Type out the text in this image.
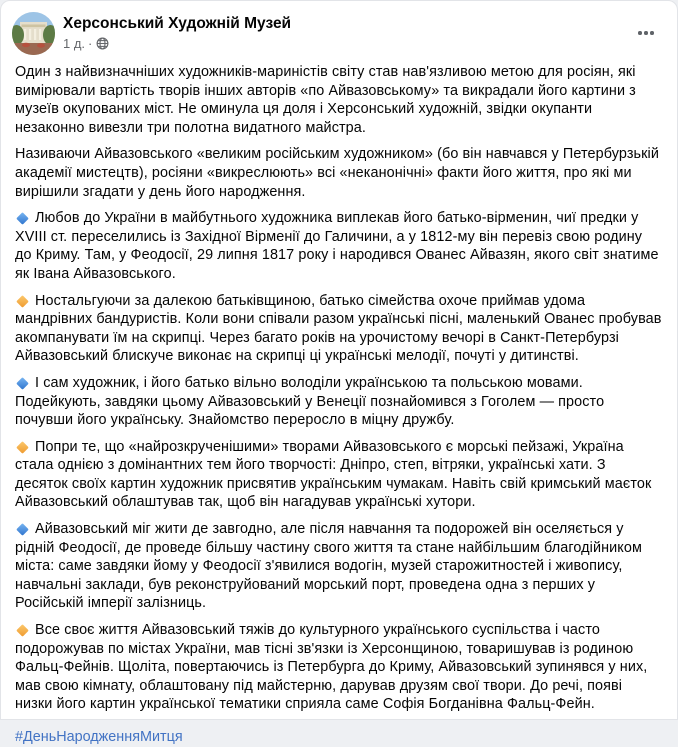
Херсонський Художній Музей
1 д. ·
Один з найвизначніших художників-мариністів світу став нав'язливою метою для росіян, які вимірювали вартість творів інших авторів «по Айвазовському» та викрадали його картини з музеїв окупованих міст. Не оминула ця доля і Херсонський художній, звідки окупанти незаконно вивезли три полотна видатного майстра.
Називаючи Айвазовського «великим російським художником» (бо він навчався у Петербурзькій академії мистецтв), росіяни «викреслюють» всі «неканонічні» факти його життя, про які ми вирішили згадати у день його народження.
Любов до України в майбутнього художника виплекав його батько-вірменин, чиї предки у XVIII ст. переселились із Західної Вірменії до Галичини, а у 1812-му він перевіз свою родину до Криму. Там, у Феодосії, 29 липня 1817 року і народився Ованес Айвазян, якого світ знатиме як Івана Айвазовського.
Ностальгуючи за далекою батьківщиною, батько сімейства охоче приймав удома мандрівних бандуристів. Коли вони співали разом українські пісні, маленький Ованес пробував акомпанувати їм на скрипці. Через багато років на урочистому вечорі в Санкт-Петербурзі Айвазовський блискуче виконає на скрипці ці українські мелодії, почуті у дитинстві.
І сам художник, і його батько вільно володіли українською та польською мовами. Подейкують, завдяки цьому Айвазовський у Венеції познайомився з Гоголем — просто почувши його українську. Знайомство переросло в міцну дружбу.
Попри те, що «найрозкрученішими» творами Айвазовського є морські пейзажі, Україна стала однією з домінантних тем його творчості: Дніпро, степ, вітряки, українські хати. З десяток своїх картин художник присвятив українським чумакам. Навіть свій кримський маєток Айвазовський облаштував так, щоб він нагадував українські хутори.
Айвазовський міг жити де завгодно, але після навчання та подорожей він оселяється у рідній Феодосії, де проведе більшу частину свого життя та стане найбільшим благодійником міста: саме завдяки йому у Феодосії з'явилися водогін, музей старожитностей і живопису, навчальні заклади, був реконструйований морський порт, проведена одна з перших у Російській імперії залізниць.
Все своє життя Айвазовський тяжів до культурного українського суспільства і часто подорожував по містах України, мав тісні зв'язки із Херсонщиною, товаришував із родиною Фальц-Фейнів. Щоліта, повертаючись із Петербурга до Криму, Айвазовський зупинявся у них, мав свою кімнату, облаштовану під майстерню, дарував друзям свої твори. До речі, появі низки його картин української тематики сприяла саме Софія Богданівна Фальц-Фейн.
#ДеньНародженняМитця
